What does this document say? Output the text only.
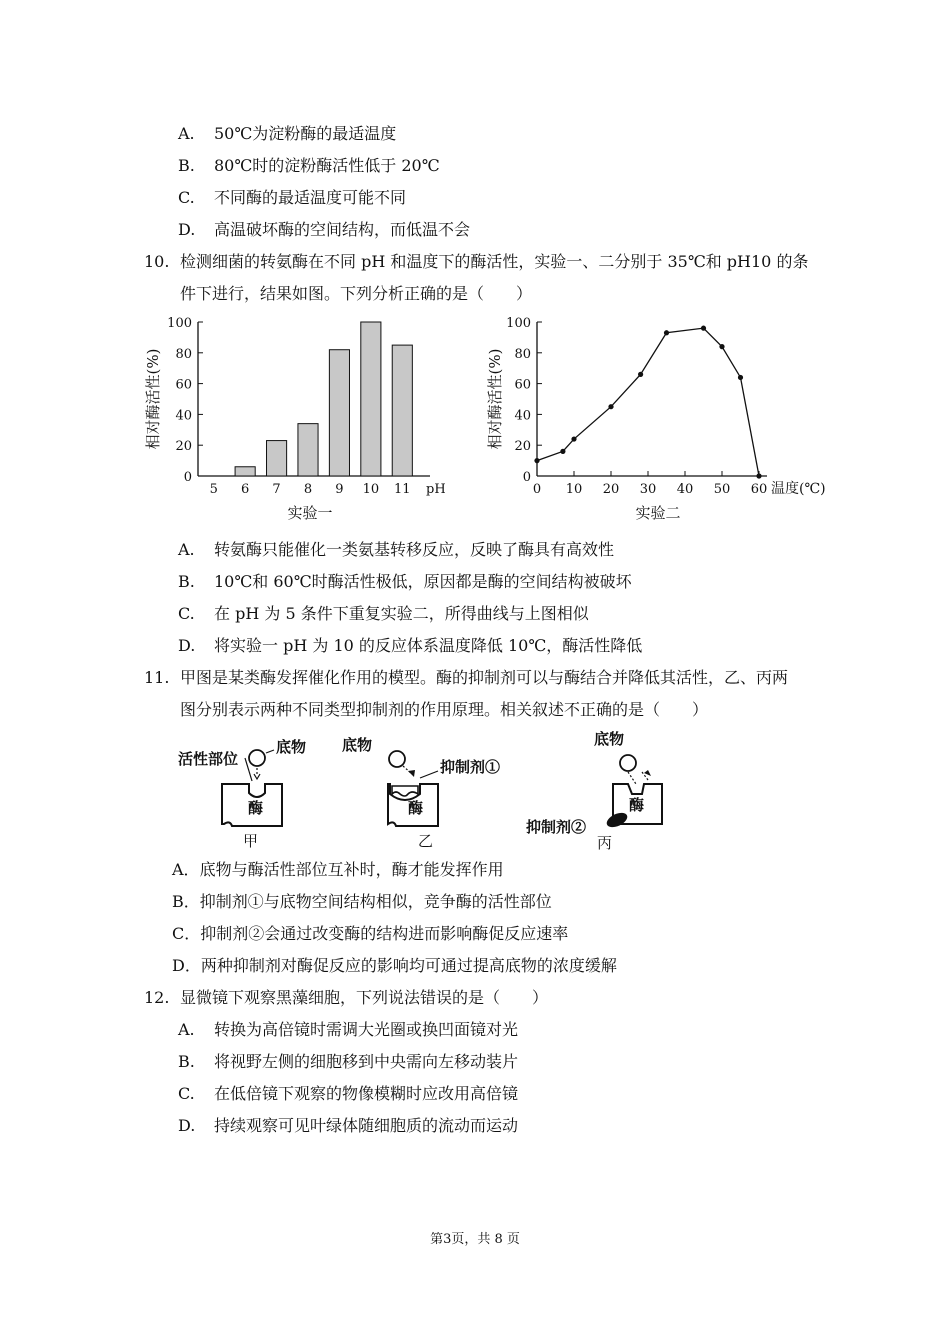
A. 50℃为淀粉酶的最适温度
B. 80℃时的淀粉酶活性低于 20℃
C. 不同酶的最适温度可能不同
D. 高温破坏酶的空间结构，而低温不会
10. 检测细菌的转氨酶在不同 pH 和温度下的酶活性，实验一、二分别于 35℃和 pH10 的条
件下进行，结果如图。下列分析正确的是（　　）
相对酶活性(%)
0
20
40
60
80
100
5 6 7 8 9 10 11 pH
实验一
相对酶活性(%)
0
20
40
60
80
100
0 10 20 30 40 50 60 温度(℃)
实验二
A. 转氨酶只能催化一类氨基转移反应，反映了酶具有高效性
B. 10℃和 60℃时酶活性极低，原因都是酶的空间结构被破坏
C. 在 pH 为 5 条件下重复实验二，所得曲线与上图相似
D. 将实验一 pH 为 10 的反应体系温度降低 10℃，酶活性降低
11. 甲图是某类酶发挥催化作用的模型。酶的抑制剂可以与酶结合并降低其活性，乙、丙两
图分别表示两种不同类型抑制剂的作用原理。相关叙述不正确的是（　　）
活性部位
底物
酶
甲
底物
抑制剂①
酶
乙
底物
酶
抑制剂②
丙
A．底物与酶活性部位互补时，酶才能发挥作用
B．抑制剂①与底物空间结构相似，竞争酶的活性部位
C．抑制剂②会通过改变酶的结构进而影响酶促反应速率
D．两种抑制剂对酶促反应的影响均可通过提高底物的浓度缓解
12. 显微镜下观察黑藻细胞，下列说法错误的是（　　）
A. 转换为高倍镜时需调大光圈或换凹面镜对光
B. 将视野左侧的细胞移到中央需向左移动装片
C. 在低倍镜下观察的物像模糊时应改用高倍镜
D. 持续观察可见叶绿体随细胞质的流动而运动
第3页，共 8 页
